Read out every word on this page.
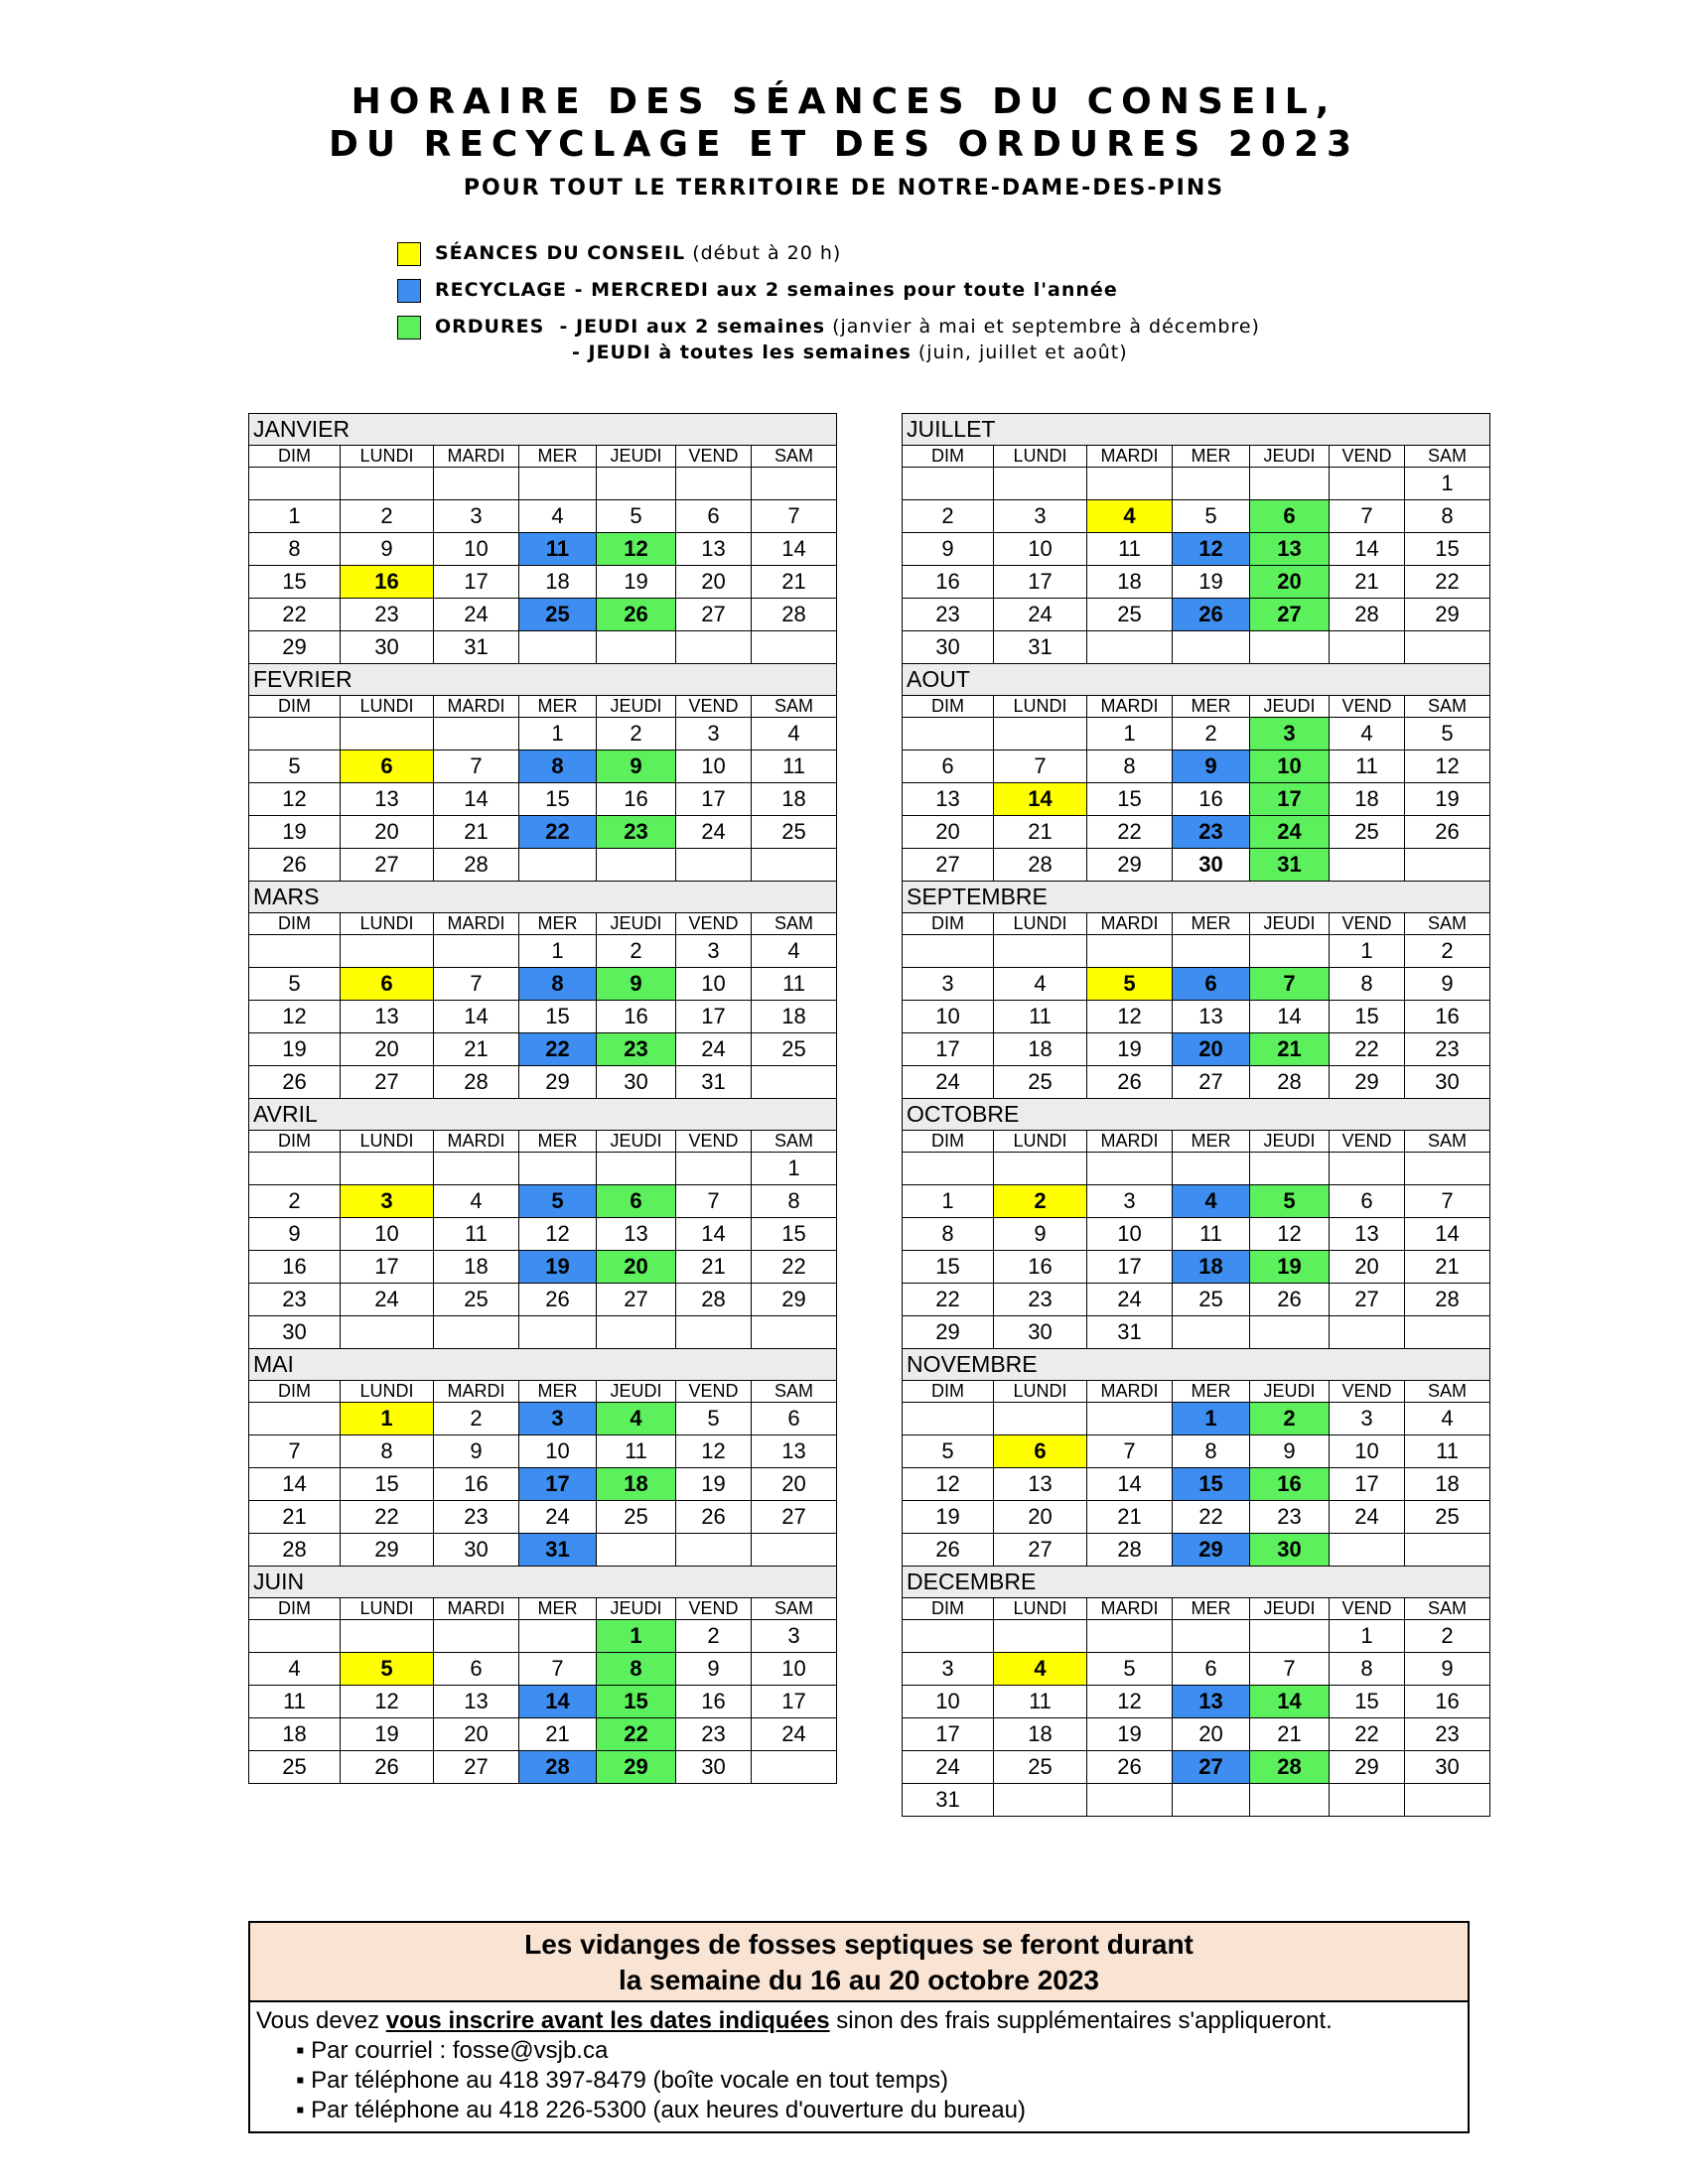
HORAIRE DES SÉANCES DU CONSEIL,
DU RECYCLAGE ET DES ORDURES 2023
POUR TOUT LE TERRITOIRE DE NOTRE-DAME-DES-PINS
SÉANCES DU CONSEIL (début à 20 h)
RECYCLAGE - MERCREDI aux 2 semaines pour toute l'année
ORDURES  - JEUDI aux 2 semaines (janvier à mai et septembre à décembre)
- JEUDI à toutes les semaines (juin, juillet et août)
JANVIER						
DIM	LUNDI	MARDI	MER	JEUDI	VEND	SAM

1	2	3	4	5	6	7
8	9	10	11	12	13	14
15	16	17	18	19	20	21
22	23	24	25	26	27	28
29	30	31				
FEVRIER						
DIM	LUNDI	MARDI	MER	JEUDI	VEND	SAM
			1	2	3	4
5	6	7	8	9	10	11
12	13	14	15	16	17	18
19	20	21	22	23	24	25
26	27	28				
MARS						
DIM	LUNDI	MARDI	MER	JEUDI	VEND	SAM
			1	2	3	4
5	6	7	8	9	10	11
12	13	14	15	16	17	18
19	20	21	22	23	24	25
26	27	28	29	30	31	
AVRIL						
DIM	LUNDI	MARDI	MER	JEUDI	VEND	SAM
						1
2	3	4	5	6	7	8
9	10	11	12	13	14	15
16	17	18	19	20	21	22
23	24	25	26	27	28	29
30						
MAI						
DIM	LUNDI	MARDI	MER	JEUDI	VEND	SAM
	1	2	3	4	5	6
7	8	9	10	11	12	13
14	15	16	17	18	19	20
21	22	23	24	25	26	27
28	29	30	31			
JUIN						
DIM	LUNDI	MARDI	MER	JEUDI	VEND	SAM
				1	2	3
4	5	6	7	8	9	10
11	12	13	14	15	16	17
18	19	20	21	22	23	24
25	26	27	28	29	30	
JUILLET						
DIM	LUNDI	MARDI	MER	JEUDI	VEND	SAM
						1
2	3	4	5	6	7	8
9	10	11	12	13	14	15
16	17	18	19	20	21	22
23	24	25	26	27	28	29
30	31					
AOUT						
DIM	LUNDI	MARDI	MER	JEUDI	VEND	SAM
		1	2	3	4	5
6	7	8	9	10	11	12
13	14	15	16	17	18	19
20	21	22	23	24	25	26
27	28	29	30	31		
SEPTEMBRE						
DIM	LUNDI	MARDI	MER	JEUDI	VEND	SAM
					1	2
3	4	5	6	7	8	9
10	11	12	13	14	15	16
17	18	19	20	21	22	23
24	25	26	27	28	29	30
OCTOBRE						
DIM	LUNDI	MARDI	MER	JEUDI	VEND	SAM

1	2	3	4	5	6	7
8	9	10	11	12	13	14
15	16	17	18	19	20	21
22	23	24	25	26	27	28
29	30	31				
NOVEMBRE						
DIM	LUNDI	MARDI	MER	JEUDI	VEND	SAM
			1	2	3	4
5	6	7	8	9	10	11
12	13	14	15	16	17	18
19	20	21	22	23	24	25
26	27	28	29	30		
DECEMBRE						
DIM	LUNDI	MARDI	MER	JEUDI	VEND	SAM
					1	2
3	4	5	6	7	8	9
10	11	12	13	14	15	16
17	18	19	20	21	22	23
24	25	26	27	28	29	30
31						
Les vidanges de fosses septiques se feront durant
la semaine du 16 au 20 octobre 2023
Vous devez vous inscrire avant les dates indiquées sinon des frais supplémentaires s'appliqueront.
▪ Par courriel : fosse@vsjb.ca
▪ Par téléphone au 418 397-8479 (boîte vocale en tout temps)
▪ Par téléphone au 418 226-5300 (aux heures d'ouverture du bureau)
